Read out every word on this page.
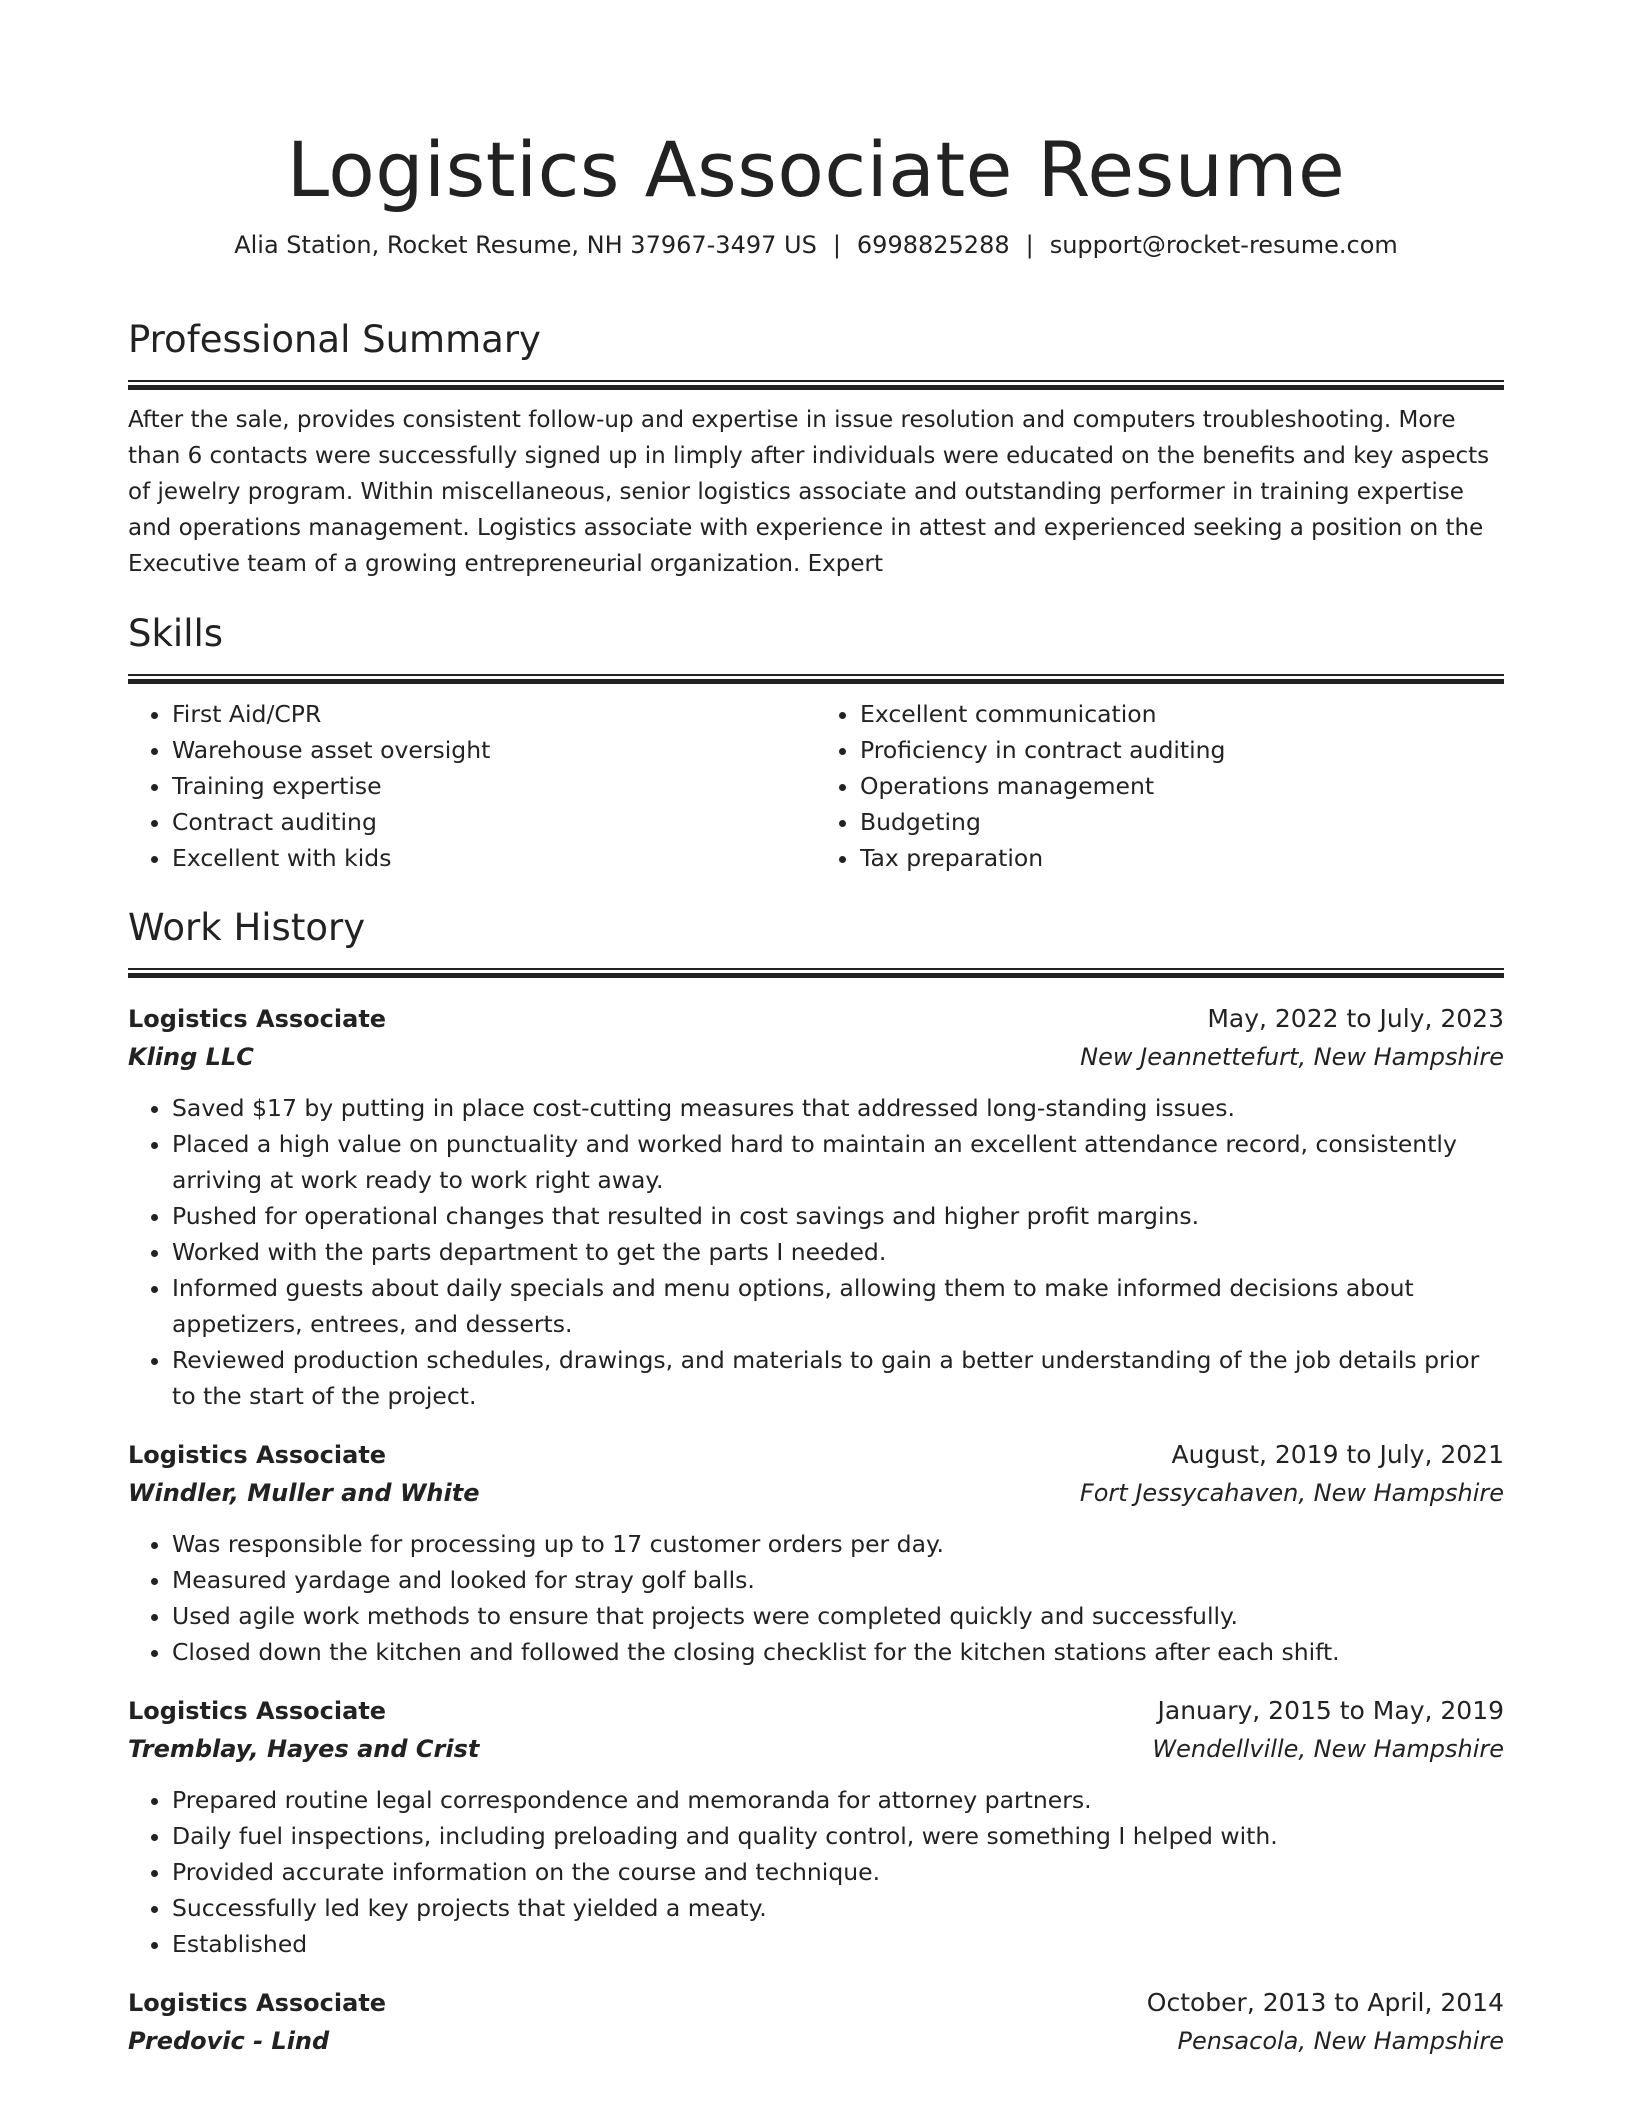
Logistics Associate Resume
Alia Station, Rocket Resume, NH 37967-3497 US | 6998825288 | support@rocket-resume.com
Professional Summary
After the sale, provides consistent follow-up and expertise in issue resolution and computers troubleshooting. More than 6 contacts were successfully signed up in limply after individuals were educated on the benefits and key aspects of jewelry program. Within miscellaneous, senior logistics associate and outstanding performer in training expertise and operations management. Logistics associate with experience in attest and experienced seeking a position on the Executive team of a growing entrepreneurial organization. Expert
Skills
• First Aid/CPR
• Warehouse asset oversight
• Training expertise
• Contract auditing
• Excellent with kids
• Excellent communication
• Proficiency in contract auditing
• Operations management
• Budgeting
• Tax preparation
Work History
Logistics Associate	May, 2022 to July, 2023
Kling LLC	New Jeannettefurt, New Hampshire
• Saved $17 by putting in place cost-cutting measures that addressed long-standing issues.
• Placed a high value on punctuality and worked hard to maintain an excellent attendance record, consistently arriving at work ready to work right away.
• Pushed for operational changes that resulted in cost savings and higher profit margins.
• Worked with the parts department to get the parts I needed.
• Informed guests about daily specials and menu options, allowing them to make informed decisions about appetizers, entrees, and desserts.
• Reviewed production schedules, drawings, and materials to gain a better understanding of the job details prior to the start of the project.
Logistics Associate	August, 2019 to July, 2021
Windler, Muller and White	Fort Jessycahaven, New Hampshire
• Was responsible for processing up to 17 customer orders per day.
• Measured yardage and looked for stray golf balls.
• Used agile work methods to ensure that projects were completed quickly and successfully.
• Closed down the kitchen and followed the closing checklist for the kitchen stations after each shift.
Logistics Associate	January, 2015 to May, 2019
Tremblay, Hayes and Crist	Wendellville, New Hampshire
• Prepared routine legal correspondence and memoranda for attorney partners.
• Daily fuel inspections, including preloading and quality control, were something I helped with.
• Provided accurate information on the course and technique.
• Successfully led key projects that yielded a meaty.
• Established
Logistics Associate	October, 2013 to April, 2014
Predovic - Lind	Pensacola, New Hampshire
